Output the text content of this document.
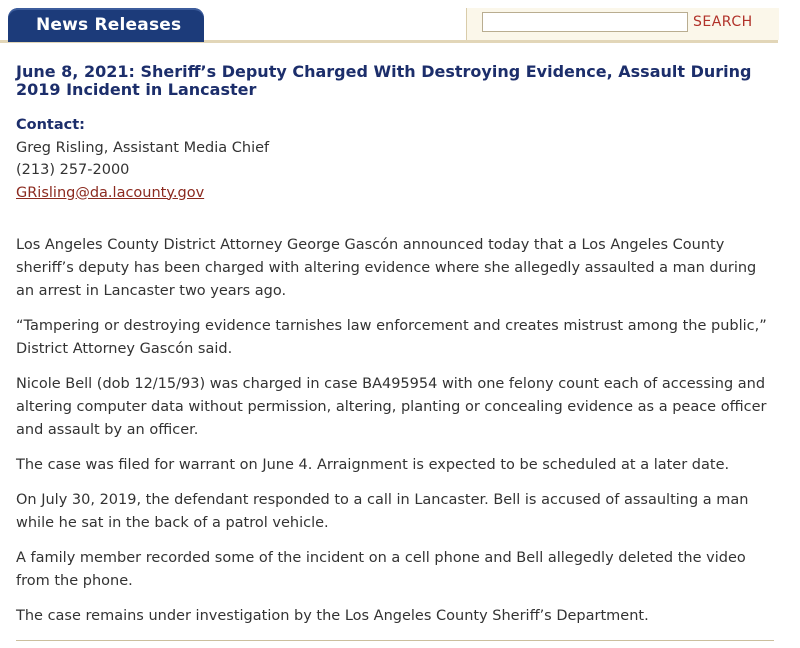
News Releases	SEARCH
June 8, 2021: Sheriff’s Deputy Charged With Destroying Evidence, Assault During 2019 Incident in Lancaster
Contact:
Greg Risling, Assistant Media Chief
(213) 257-2000
GRisling@da.lacounty.gov

Los Angeles County District Attorney George Gascón announced today that a Los Angeles County sheriff’s deputy has been charged with altering evidence where she allegedly assaulted a man during an arrest in Lancaster two years ago.

“Tampering or destroying evidence tarnishes law enforcement and creates mistrust among the public,” District Attorney Gascón said.

Nicole Bell (dob 12/15/93) was charged in case BA495954 with one felony count each of accessing and altering computer data without permission, altering, planting or concealing evidence as a peace officer and assault by an officer.

The case was filed for warrant on June 4. Arraignment is expected to be scheduled at a later date.

On July 30, 2019, the defendant responded to a call in Lancaster. Bell is accused of assaulting a man while he sat in the back of a patrol vehicle.

A family member recorded some of the incident on a cell phone and Bell allegedly deleted the video from the phone.

The case remains under investigation by the Los Angeles County Sheriff’s Department.
